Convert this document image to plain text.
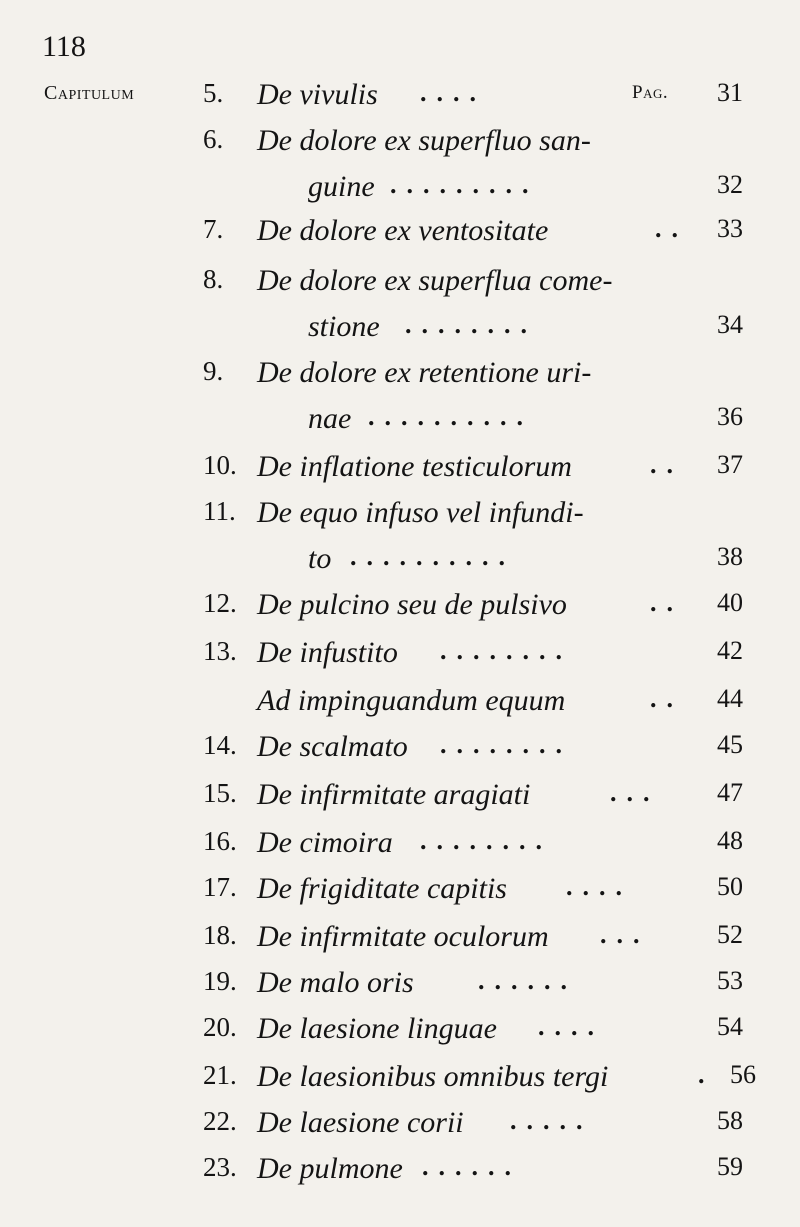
118
Capitulum	Pag.
5.	De vivulis ....	31
6.	De dolore ex superfluo san-
guine .........	32
7.	De dolore ex ventositate	.. 33
8.	De dolore ex superflua come-
stione ........	34
9.	De dolore ex retentione uri-
nae ..........	36
10. De inflatione testiculorum	.. 37
11. De equo infuso vel infundi-
to ..........	38
12. De pulcino seu de pulsivo	.. 40
13. De infustito ........	42
Ad impinguandum equum	.. 44
14. De scalmato ........	45
15. De infirmitate aragiati	... 47
16. De cimoira ........	48
17. De frigiditate capitis ....	50
18. De infirmitate oculorum ...	52
19. De malo oris ......	53
20. De laesione linguae ....	54
21. De laesionibus omnibus tergi	. 56
22. De laesione corii .....	58
23. De pulmone ......	59
